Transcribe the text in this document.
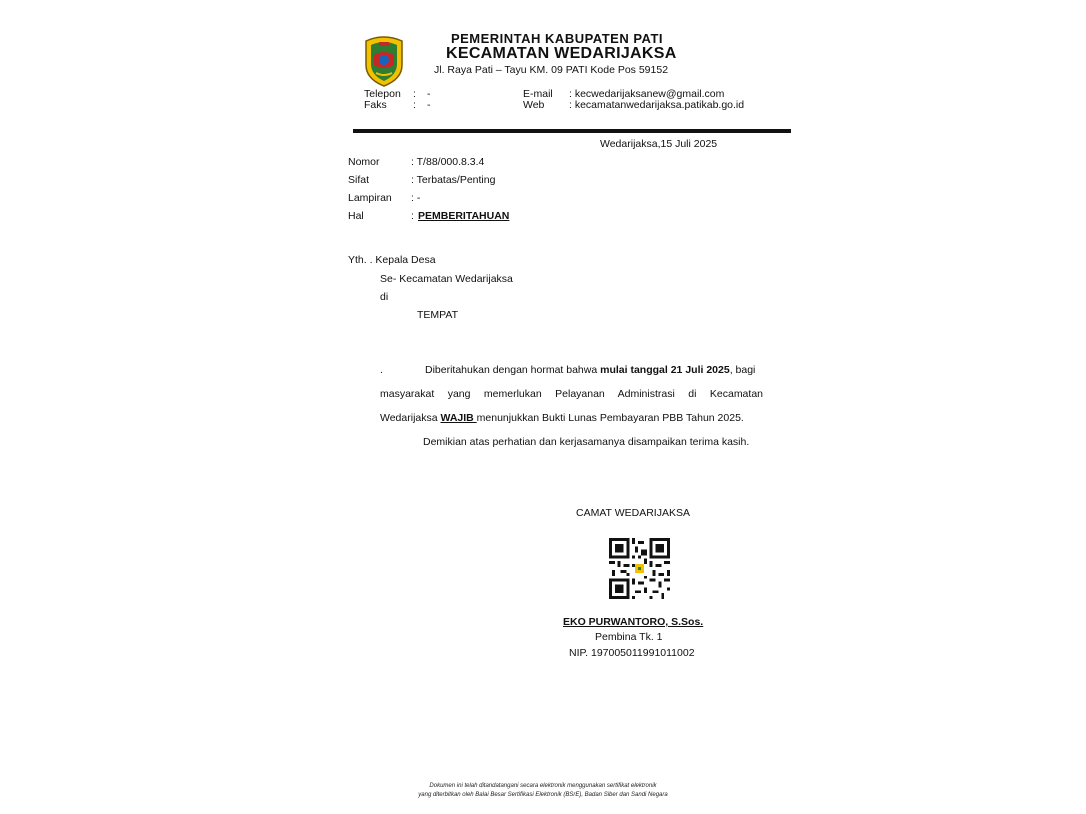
PEMERINTAH KABUPATEN PATI
KECAMATAN WEDARIJAKSA
Jl. Raya Pati – Tayu KM. 09 PATI Kode Pos 59152
Telepon : -
Faks : -
E-mail : kecwedarijaksanew@gmail.com
Web : kecamatanwedarijaksa.patikab.go.id
Wedarijaksa,15 Juli 2025
Nomor	: T/88/000.8.3.4
Sifat	: Terbatas/Penting
Lampiran : -
Hal	: PEMBERITAHUAN
Yth. . Kepala Desa
Se- Kecamatan Wedarijaksa
di
TEMPAT
.	Diberitahukan dengan hormat bahwa mulai tanggal 21 Juli 2025, bagi
masyarakat yang memerlukan Pelayanan Administrasi di Kecamatan
Wedarijaksa WAJIB menunjukkan Bukti Lunas Pembayaran PBB Tahun 2025.
Demikian atas perhatian dan kerjasamanya disampaikan terima kasih.
CAMAT WEDARIJAKSA
EKO PURWANTORO, S.Sos.
Pembina Tk. 1
NIP. 197005011991011002
Dokumen ini telah ditandatangani secara elektronik menggunakan sertifikat elektronik
yang diterbitkan oleh Balai Besar Sertifikasi Elektronik (BSrE), Badan Siber dan Sandi Negara
